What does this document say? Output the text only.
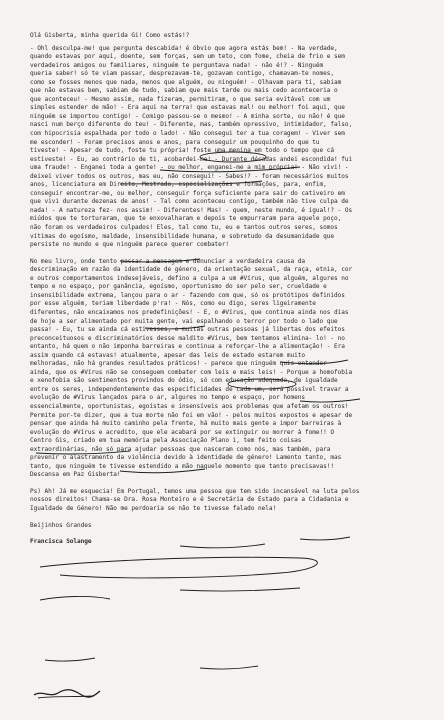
Olá Gisberta, minha querida Gi! Como estás!?
- Ohl desculpa-me! que pergunta descabida! é óbvio que agora estás bem! - Na verdade,
quando estavas por aqui, doente, sem forças, sem um teto, com fome, cheia de frio e sem
verdadeiros amigos ou familiares, ninguém te perguntava nada! - não é!? - Ninguém
queria saber! só te viam passar, desprezavam-te, gozavam contigo, chamavam-te nomes,
como se fosses menos que nada, menos que alguém, ou ninguém! - Olhavam para ti, sabiam
que não estavas bem, sabiam de tudo, sabiam que mais tarde ou mais cedo aconteceria o
que aconteceu! - Mesmo assim, nada fizeram, permitiram, o que seria evitável com um
simples estender de mão! - Era aqui na terra! que estavas mal! ou melhor! foi aqui, que
ninguém se importou contigo! - Comigo passou-se o mesmo! - A minha sorte, ou não! é que
nasci num berço diferente do teu! - Diferente, mas, também opressivo, intimidador, falso,
com hipocrisia espalhada por todo o lado! - Não consegui ter a tua coragem! - Viver sem
me esconder! - Foram precisos anos e anos, para conseguir um pouquinho do que tu
tiveste! - Apesar de tudo, foste tu própria! foste uma menina em todo o tempo que cá
estiveste! - Eu, ao contrário de ti, acobardei-me! - Durante décadas andei escondida! fui
uma fraude! - Enganei toda a gente! - ou melhor, enganei-me a mim própria! - Não vivi! -
deixei viver todos os outros, mas eu, não consegui! - Sabes!? - foram necessários muitos
anos, licenciatura em Direito, Mestrado, especializações e formações, para, enfim,
conseguir encontrar-me, ou melhor, conseguir força suficiente para sair do cativeiro em
que vivi durante dezenas de anos! - Tal como aconteceu contigo, também não tive culpa de
nada! - A natureza fez- nos assim! - Diferentes! Mas! - quem, neste mundo, é igual!? - Os
miúdos que te torturaram, que te enxovalharam e depois te empurraram para aquele poço,
não foram os verdadeiros culpados! Eles, tal como tu, eu e tantos outros seres, somos
vítimas do egoísmo, maldade, insensibilidade humana, e sobretudo da desumanidade que
persiste no mundo e que ninguém parece querer combater!
No meu livro, onde tento passar a mensagem e denunciar a verdadeira causa da
descriminação em razão da identidade de género, da orientação sexual, da raça, etnia, cor
e outros comportamentos indesejáveis, defino a culpa a um #Vírus, que alguém, algures no
tempo e no espaço, por ganância, egoísmo, oportunismo do ser pelo ser, crueldade e
insensibilidade extrema, lançou para o ar - fazendo com que, só os protótipos definidos
por esse alguém, teriam liberdade p'ra! - Nós, como eu digo, seres ligeiramente
diferentes, não encaixamos nos predefinições! - E, o #Vírus, que continua ainda nos dias
de hoje a ser alimentado por muita gente, vai espalhando o terror por todo o lado que
passa! - Eu, tu se ainda cá estivesses, e muitas outras pessoas já libertas dos efeitos
preconceituosos e discriminatórios desse maldito #Vírus, bem tentamos elimina- lo! - no
entanto, há quem o não imponha barreiras e continua a reforçar-lhe a alimentação! - Era
assim quando cá estavas! atualmente, apesar das leis de estado estarem muito
melhoradas, não há grandes resultados práticos! - parece que ninguém quis entender
ainda, que os #Vírus não se conseguem combater com leis e mais leis! - Porque a homofobia
e xenofobia são sentimentos provindos do ódio, só com educação adequada, de igualdade
entre os seres, independentemente das especificidades de cada um, será possível travar a
evolução de #Vírus lançados para o ar, algures no tempo e espaço, por homens
essencialmente, oportunistas, egoístas e insensíveis aos problemas que afetam os outros!
Permite por-te dizer, que a tua morte não foi em vão! - pelos muitos expostos e apesar de
pensar que ainda há muito caminho pela frente, há muito mais gente a impor barreiras à
evolução do #Vírus e acredito, que ele acabará por se extinguir ou morrer à fome!! O
Centro Gis, criado em tua memória pela Associação Plano i, tem feito coisas
extraordinárias, não só para ajudar pessoas que nasceram como nós, mas também, para
prevenir o alastramento da violência devido à identidade de género! Lamento tanto, mas
tanto, que ninguém te tivesse estendido a mão naquele momento que tanto precisavas!!
Descansa em Paz Gisberta!
Ps) Ah! Já me esquecia! Em Portugal, temos uma pessoa que tem sido incansável na luta pelos
nossos direitos! Chama-se Dra. Rosa Monteiro e é Secretária de Estado para a Cidadania e
Igualdade de Género! Não me perdoaria se não te tivesse falado nela!
Beijinhos Grandes
Francisca Solange
